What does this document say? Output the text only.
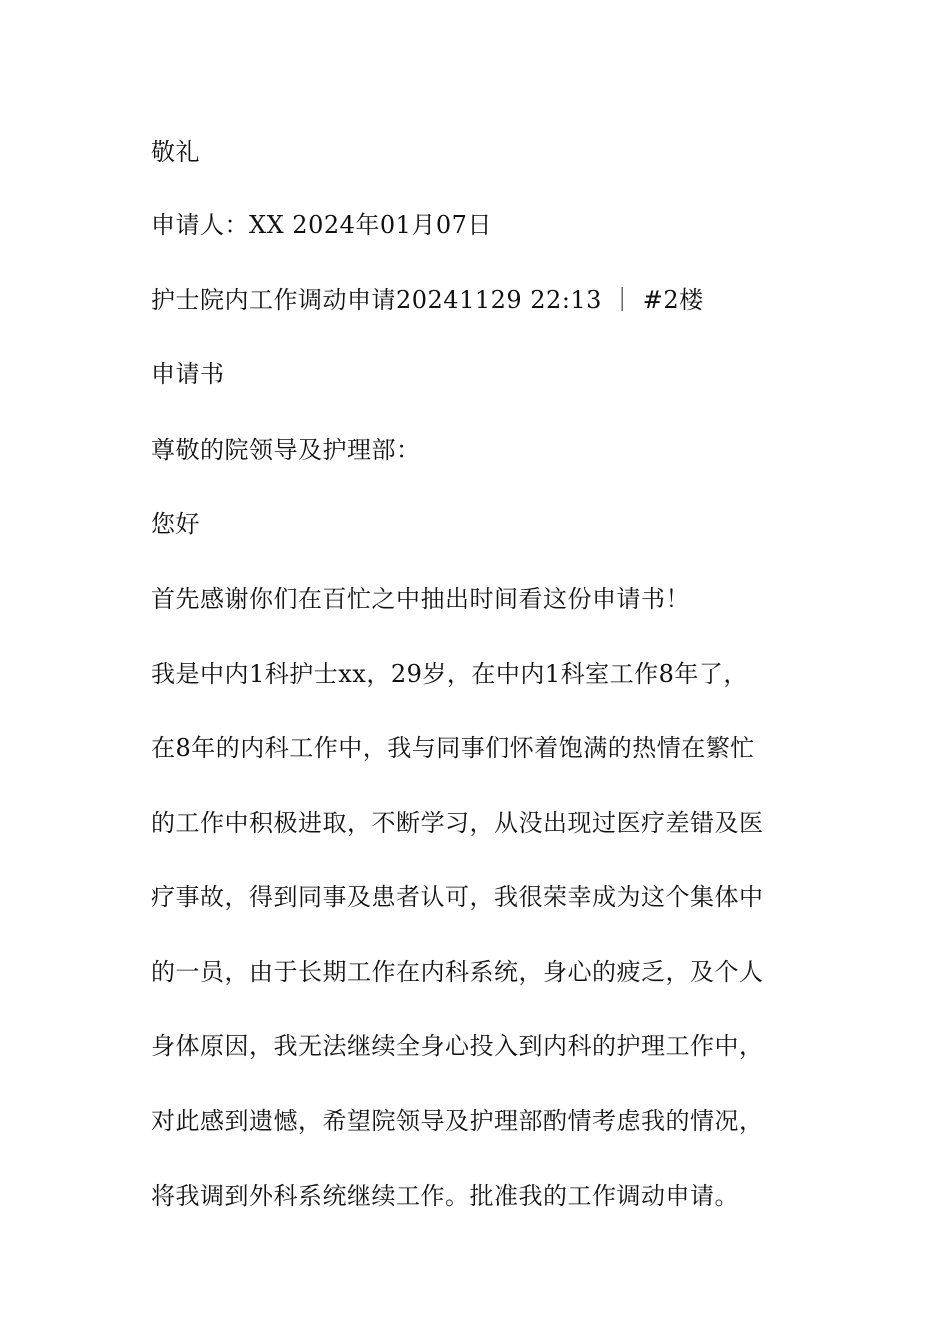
敬礼
申请人：XX 2024年01月07日
护士院内工作调动申请20241129 22:13 ｜ #2楼
申请书
尊敬的院领导及护理部：
您好
首先感谢你们在百忙之中抽出时间看这份申请书！
我是中内1科护士xx，29岁，在中内1科室工作8年了，
在8年的内科工作中，我与同事们怀着饱满的热情在繁忙
的工作中积极进取，不断学习，从没出现过医疗差错及医
疗事故，得到同事及患者认可，我很荣幸成为这个集体中
的一员，由于长期工作在内科系统，身心的疲乏，及个人
身体原因，我无法继续全身心投入到内科的护理工作中，
对此感到遗憾，希望院领导及护理部酌情考虑我的情况，
将我调到外科系统继续工作。批准我的工作调动申请。
